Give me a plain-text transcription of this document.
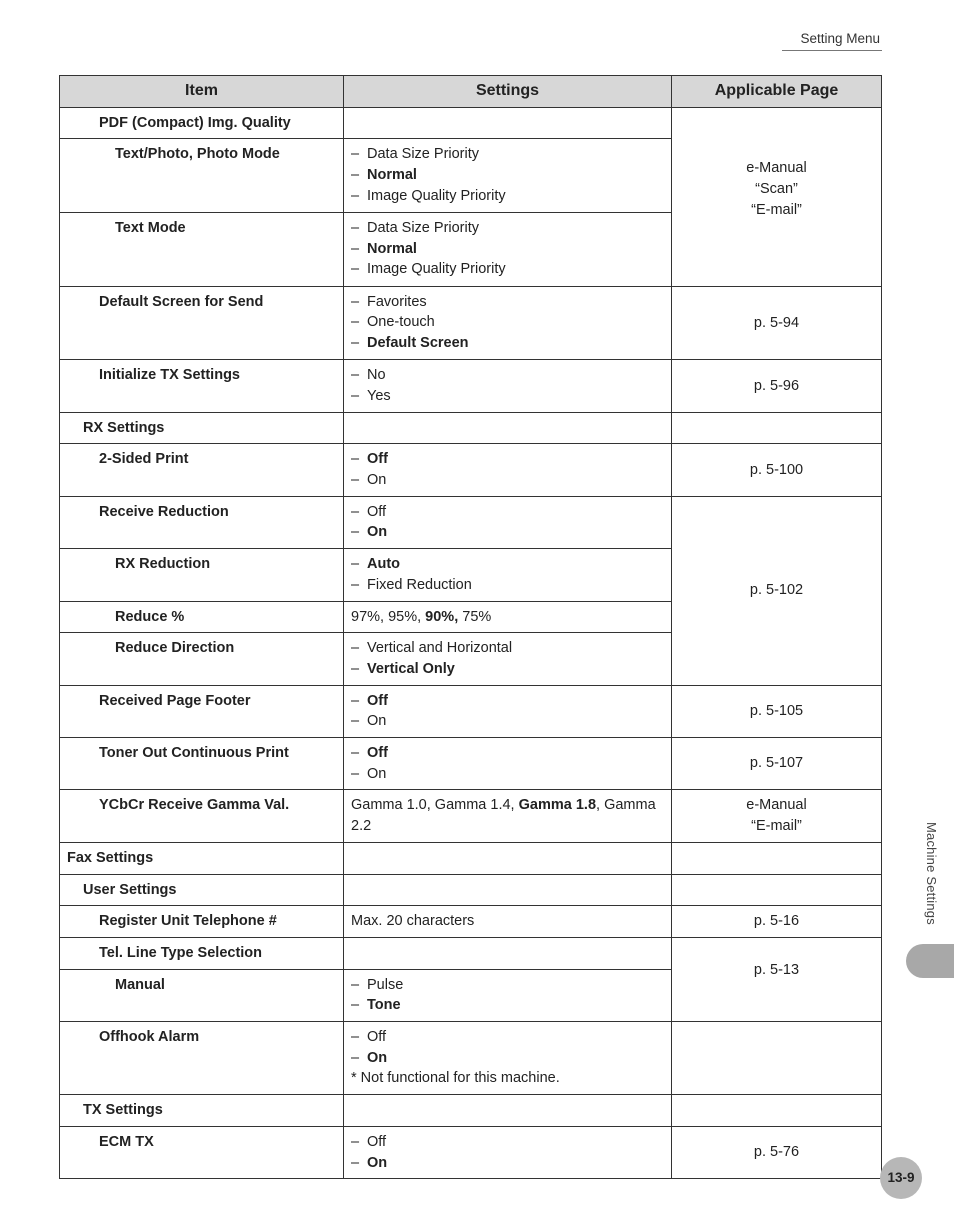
Setting Menu
Item	Settings	Applicable Page
PDF (Compact) Img. Quality		e-Manual
“Scan”
“E-mail”

Text/Photo, Photo Mode	– Data Size Priority
– Normal
– Image Quality Priority	

Text Mode	– Data Size Priority
– Normal
– Image Quality Priority	

Default Screen for Send	– Favorites
– One-touch
– Default Screen	p. 5-94

Initialize TX Settings	– No
– Yes	p. 5-96

RX Settings		

2-Sided Print	– Off
– On	p. 5-100

Receive Reduction	– Off
– On	p. 5-102

RX Reduction	– Auto
– Fixed Reduction	

Reduce %	97%, 95%, 90%, 75%	

Reduce Direction	– Vertical and Horizontal
– Vertical Only	

Received Page Footer	– Off
– On	p. 5-105

Toner Out Continuous Print	– Off
– On	p. 5-107

YCbCr Receive Gamma Val.	Gamma 1.0, Gamma 1.4, Gamma 1.8, Gamma 2.2	e-Manual
“E-mail”

Fax Settings		

User Settings		

Register Unit Telephone #	Max. 20 characters	p. 5-16

Tel. Line Type Selection		p. 5-13

Manual	– Pulse
– Tone	

Offhook Alarm	– Off
– On
* Not functional for this machine.	

TX Settings		

ECM TX	– Off
– On	p. 5-76
Machine Settings
13-9
